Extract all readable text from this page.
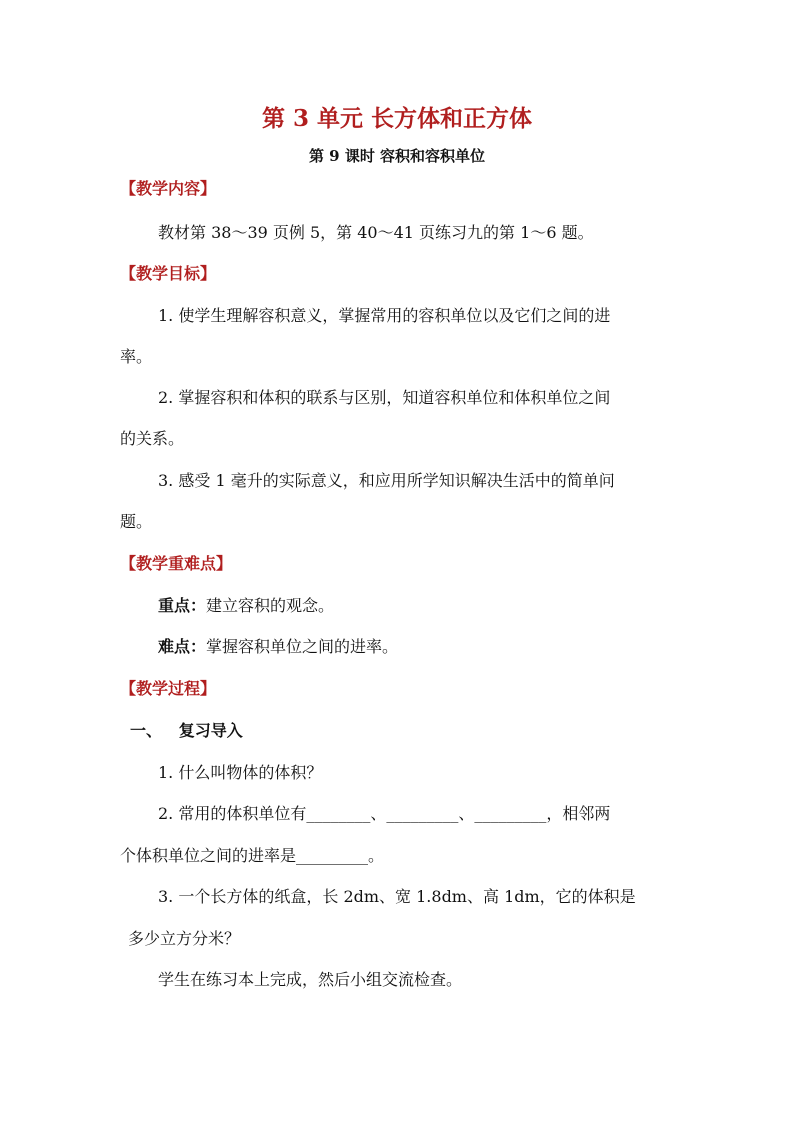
第 3 单元 长方体和正方体
第 9 课时 容积和容积单位
【教学内容】
教材第 38～39 页例 5，第 40～41 页练习九的第 1～6 题。
【教学目标】
1. 使学生理解容积意义，掌握常用的容积单位以及它们之间的进
率。
2. 掌握容积和体积的联系与区别，知道容积单位和体积单位之间
的关系。
3. 感受 1 毫升的实际意义，和应用所学知识解决生活中的简单问
题。
【教学重难点】
重点：建立容积的观念。
难点：掌握容积单位之间的进率。
【教学过程】
一、   复习导入
1. 什么叫物体的体积？
2. 常用的体积单位有________、_________、_________，相邻两
个体积单位之间的进率是_________。
3. 一个长方体的纸盒，长 2dm、宽 1.8dm、高 1dm，它的体积是
多少立方分米？
学生在练习本上完成，然后小组交流检查。
